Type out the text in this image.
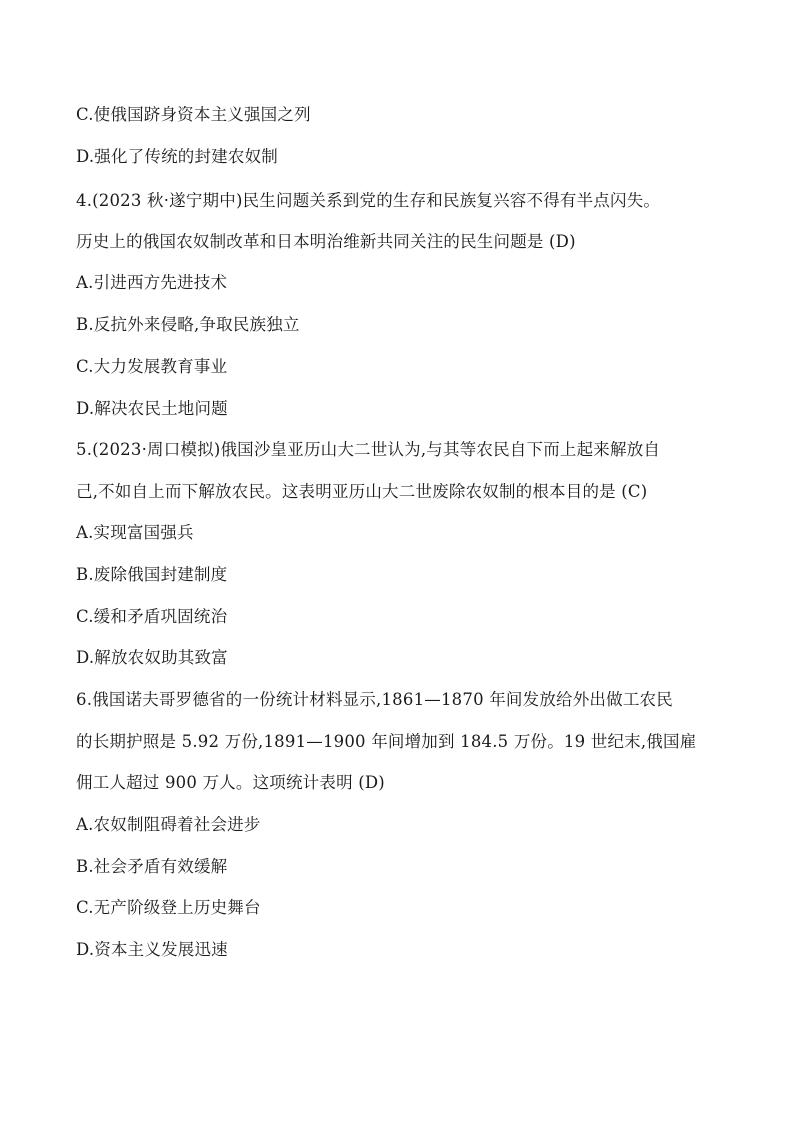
C.使俄国跻身资本主义强国之列
D.强化了传统的封建农奴制
4.(2023 秋·遂宁期中)民生问题关系到党的生存和民族复兴容不得有半点闪失。
历史上的俄国农奴制改革和日本明治维新共同关注的民生问题是 (D)
A.引进西方先进技术
B.反抗外来侵略,争取民族独立
C.大力发展教育事业
D.解决农民土地问题
5.(2023·周口模拟)俄国沙皇亚历山大二世认为,与其等农民自下而上起来解放自
己,不如自上而下解放农民。这表明亚历山大二世废除农奴制的根本目的是 (C)
A.实现富国强兵
B.废除俄国封建制度
C.缓和矛盾巩固统治
D.解放农奴助其致富
6.俄国诺夫哥罗德省的一份统计材料显示,1861—1870 年间发放给外出做工农民
的长期护照是 5.92 万份,1891—1900 年间增加到 184.5 万份。19 世纪末,俄国雇
佣工人超过 900 万人。这项统计表明 (D)
A.农奴制阻碍着社会进步
B.社会矛盾有效缓解
C.无产阶级登上历史舞台
D.资本主义发展迅速
